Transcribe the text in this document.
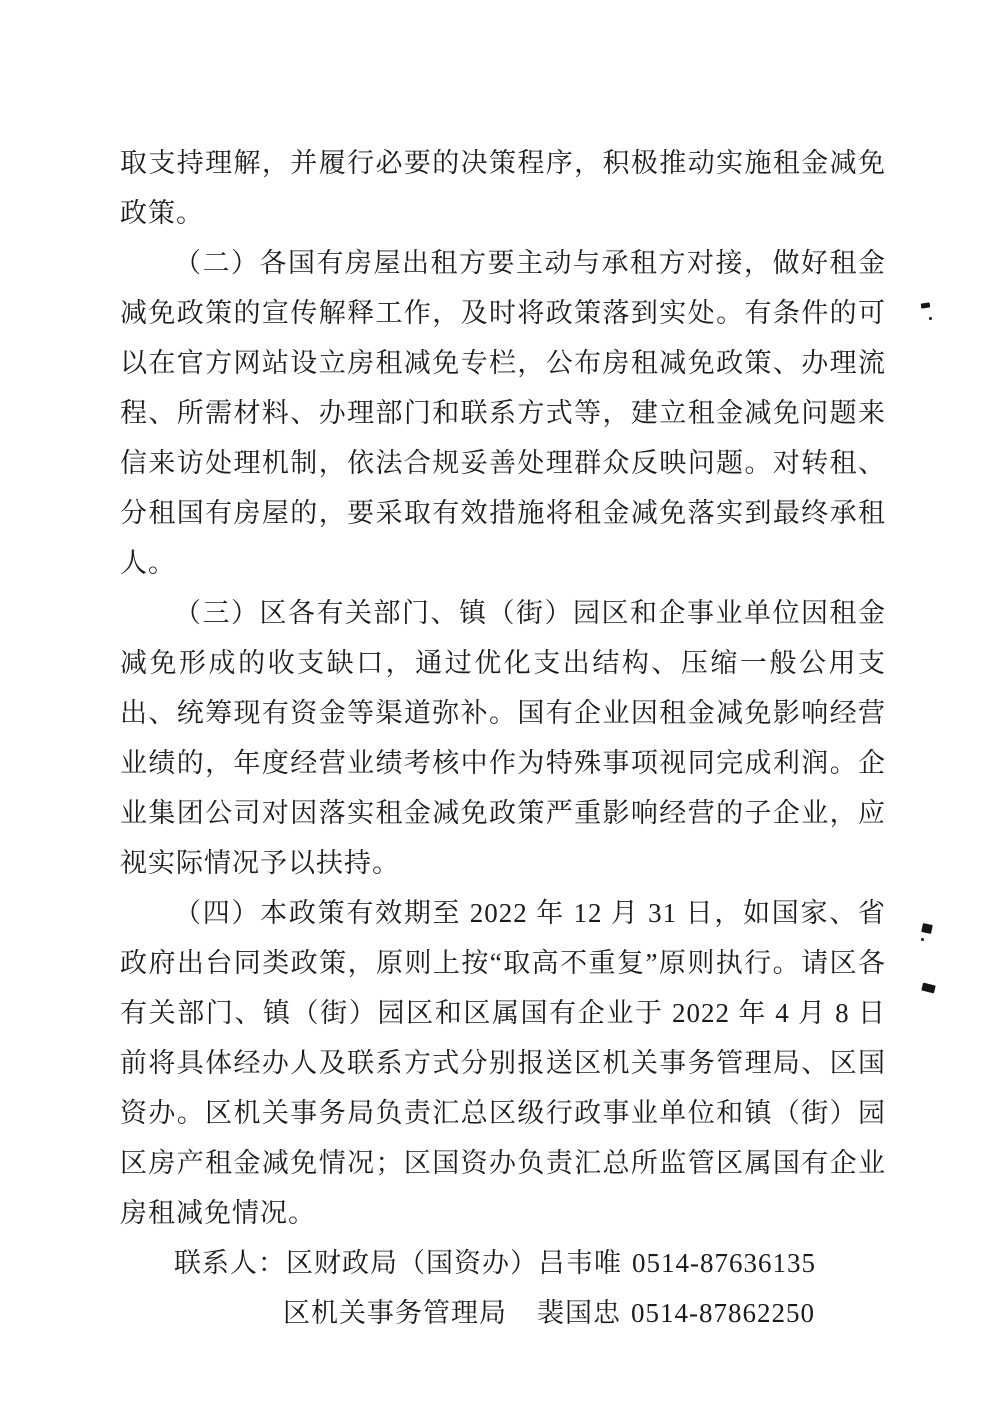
取支持理解，并履行必要的决策程序，积极推动实施租金减免政策。

（二）各国有房屋出租方要主动与承租方对接，做好租金减免政策的宣传解释工作，及时将政策落到实处。有条件的可以在官方网站设立房租减免专栏，公布房租减免政策、办理流程、所需材料、办理部门和联系方式等，建立租金减免问题来信来访处理机制，依法合规妥善处理群众反映问题。对转租、分租国有房屋的，要采取有效措施将租金减免落实到最终承租人。

（三）区各有关部门、镇（街）园区和企事业单位因租金减免形成的收支缺口，通过优化支出结构、压缩一般公用支出、统筹现有资金等渠道弥补。国有企业因租金减免影响经营业绩的，年度经营业绩考核中作为特殊事项视同完成利润。企业集团公司对因落实租金减免政策严重影响经营的子企业，应视实际情况予以扶持。

（四）本政策有效期至 2022 年 12 月 31 日，如国家、省政府出台同类政策，原则上按“取高不重复”原则执行。请区各有关部门、镇（街）园区和区属国有企业于 2022 年 4 月 8 日前将具体经办人及联系方式分别报送区机关事务管理局、区国资办。区机关事务局负责汇总区级行政事业单位和镇（街）园区房产租金减免情况；区国资办负责汇总所监管区属国有企业房租减免情况。

联系人：区财政局（国资办）吕韦唯 0514-87636135

区机关事务管理局 裴国忠 0514-87862250
